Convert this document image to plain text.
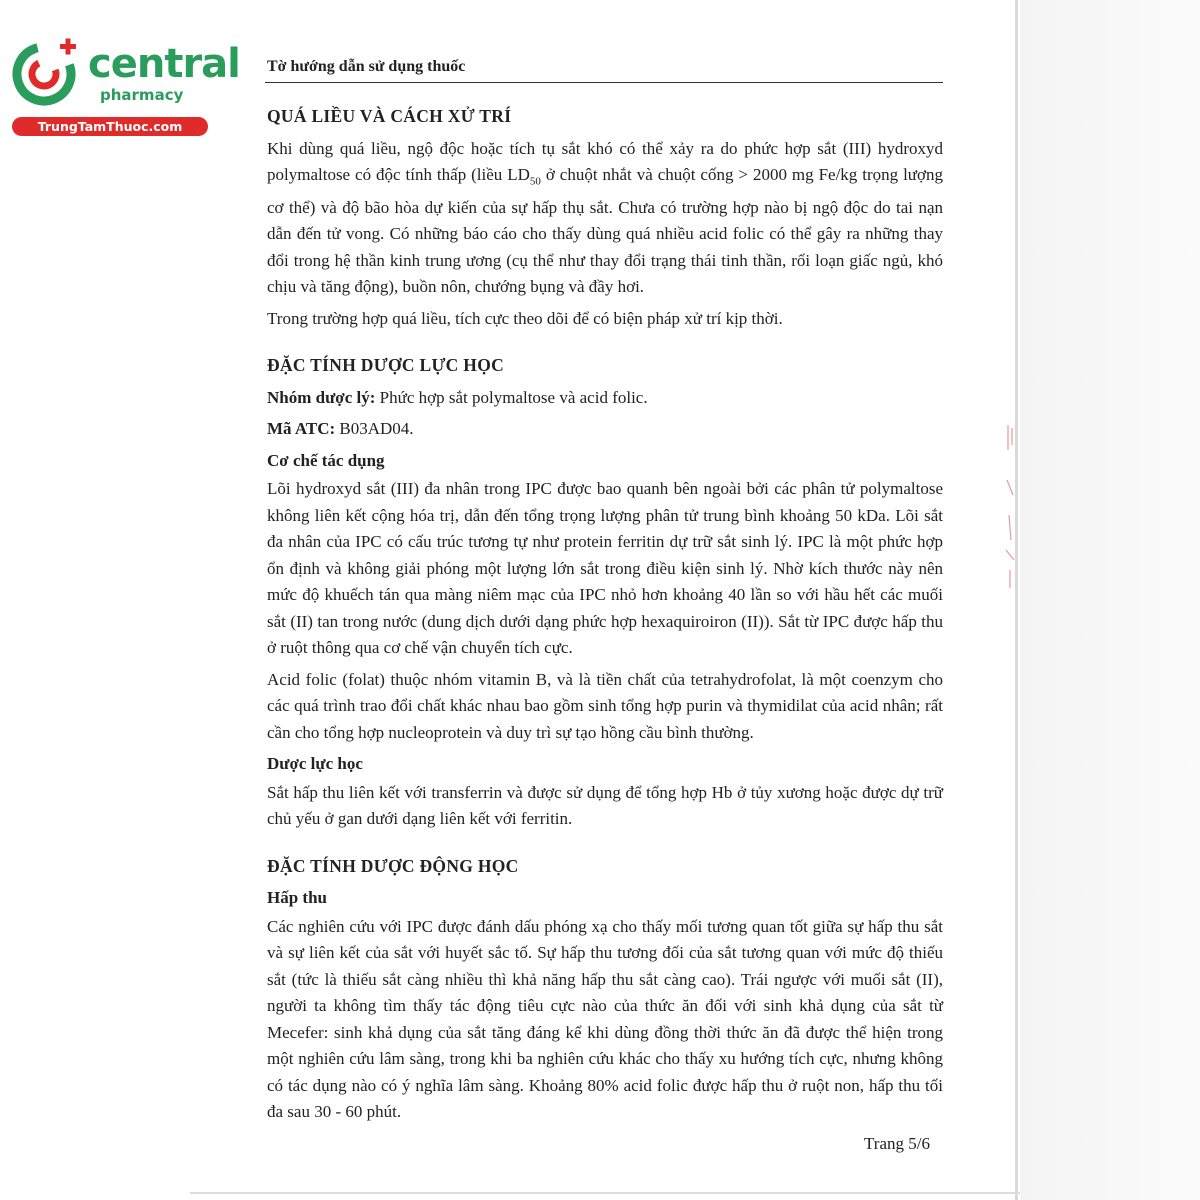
central
pharmacy
TrungTamThuoc.com
Tờ hướng dẫn sử dụng thuốc
QUÁ LIỀU VÀ CÁCH XỬ TRÍ

Khi dùng quá liều, ngộ độc hoặc tích tụ sắt khó có thể xảy ra do phức hợp sắt (III) hydroxyd polymaltose có độc tính thấp (liều $LD_{50}$ ở chuột nhắt và chuột cống > 2000 mg Fe/kg trọng lượng cơ thể) và độ bão hòa dự kiến của sự hấp thụ sắt. Chưa có trường hợp nào bị ngộ độc do tai nạn dẫn đến tử vong. Có những báo cáo cho thấy dùng quá nhiều acid folic có thể gây ra những thay đổi trong hệ thần kinh trung ương (cụ thể như thay đổi trạng thái tinh thần, rối loạn giấc ngủ, khó chịu và tăng động), buồn nôn, chướng bụng và đầy hơi.

Trong trường hợp quá liều, tích cực theo dõi để có biện pháp xử trí kịp thời.

ĐẶC TÍNH DƯỢC LỰC HỌC

Nhóm dược lý: Phức hợp sắt polymaltose và acid folic.

Mã ATC: B03AD04.

Cơ chế tác dụng

Lõi hydroxyd sắt (III) đa nhân trong IPC được bao quanh bên ngoài bởi các phân tử polymaltose không liên kết cộng hóa trị, dẫn đến tổng trọng lượng phân tử trung bình khoảng 50 kDa. Lõi sắt đa nhân của IPC có cấu trúc tương tự như protein ferritin dự trữ sắt sinh lý. IPC là một phức hợp ổn định và không giải phóng một lượng lớn sắt trong điều kiện sinh lý. Nhờ kích thước này nên mức độ khuếch tán qua màng niêm mạc của IPC nhỏ hơn khoảng 40 lần so với hầu hết các muối sắt (II) tan trong nước (dung dịch dưới dạng phức hợp hexaquiroiron (II)). Sắt từ IPC được hấp thu ở ruột thông qua cơ chế vận chuyển tích cực.

Acid folic (folat) thuộc nhóm vitamin B, và là tiền chất của tetrahydrofolat, là một coenzym cho các quá trình trao đổi chất khác nhau bao gồm sinh tổng hợp purin và thymidilat của acid nhân; rất cần cho tổng hợp nucleoprotein và duy trì sự tạo hồng cầu bình thường.

Dược lực học

Sắt hấp thu liên kết với transferrin và được sử dụng để tổng hợp Hb ở tủy xương hoặc được dự trữ chủ yếu ở gan dưới dạng liên kết với ferritin.

ĐẶC TÍNH DƯỢC ĐỘNG HỌC
Hấp thu

Các nghiên cứu với IPC được đánh dấu phóng xạ cho thấy mối tương quan tốt giữa sự hấp thu sắt và sự liên kết của sắt với huyết sắc tố. Sự hấp thu tương đối của sắt tương quan với mức độ thiếu sắt (tức là thiếu sắt càng nhiều thì khả năng hấp thu sắt càng cao). Trái ngược với muối sắt (II), người ta không tìm thấy tác động tiêu cực nào của thức ăn đối với sinh khả dụng của sắt từ Mecefer: sinh khả dụng của sắt tăng đáng kể khi dùng đồng thời thức ăn đã được thể hiện trong một nghiên cứu lâm sàng, trong khi ba nghiên cứu khác cho thấy xu hướng tích cực, nhưng không có tác dụng nào có ý nghĩa lâm sàng. Khoảng 80% acid folic được hấp thu ở ruột non, hấp thu tối đa sau 30 - 60 phút.

Trang 5/6
